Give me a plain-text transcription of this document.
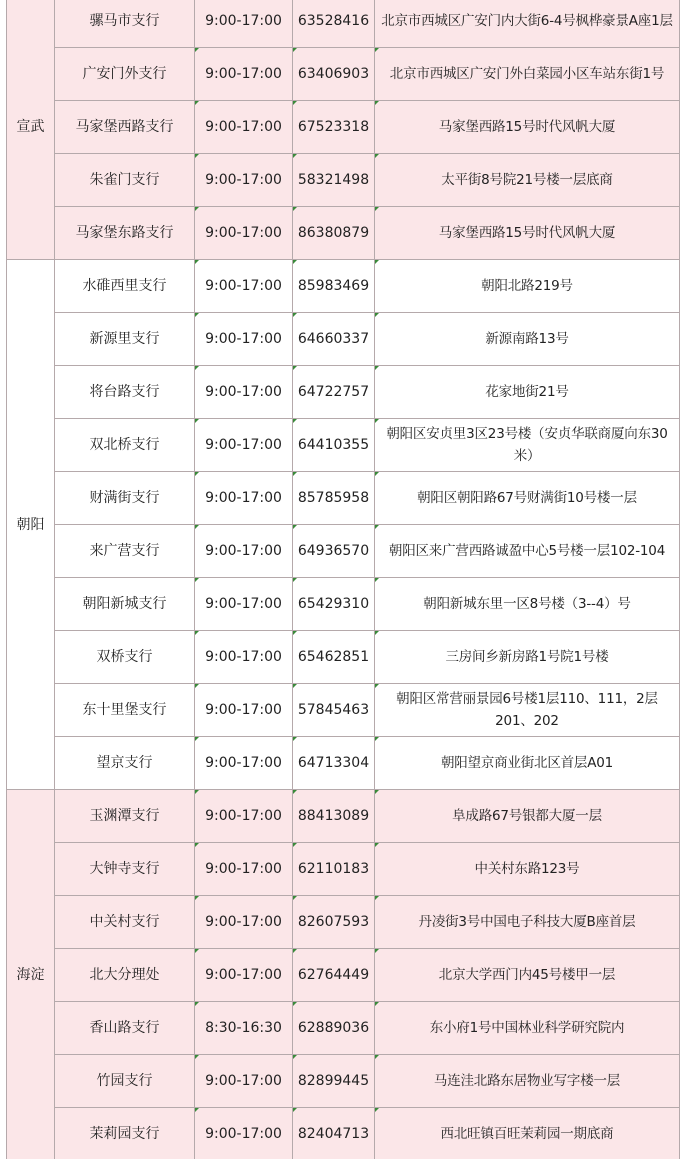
宣武	骡马市支行	9:00-17:00	63528416	北京市西城区广安门内大街6-4号枫桦豪景A座1层
	广安门外支行	9:00-17:00	63406903	北京市西城区广安门外白菜园小区车站东街1号
	马家堡西路支行	9:00-17:00	67523318	马家堡西路15号时代风帆大厦
	朱雀门支行	9:00-17:00	58321498	太平街8号院21号楼一层底商
	马家堡东路支行	9:00-17:00	86380879	马家堡西路15号时代风帆大厦
朝阳	水碓西里支行	9:00-17:00	85983469	朝阳北路219号
	新源里支行	9:00-17:00	64660337	新源南路13号
	将台路支行	9:00-17:00	64722757	花家地街21号
	双北桥支行	9:00-17:00	64410355	朝阳区安贞里3区23号楼（安贞华联商厦向东30米）
	财满街支行	9:00-17:00	85785958	朝阳区朝阳路67号财满街10号楼一层
	来广营支行	9:00-17:00	64936570	朝阳区来广营西路诚盈中心5号楼一层102-104
	朝阳新城支行	9:00-17:00	65429310	朝阳新城东里一区8号楼（3--4）号
	双桥支行	9:00-17:00	65462851	三房间乡新房路1号院1号楼
	东十里堡支行	9:00-17:00	57845463	朝阳区常营丽景园6号楼1层110、111，2层201、202
	望京支行	9:00-17:00	64713304	朝阳望京商业街北区首层A01
海淀	玉渊潭支行	9:00-17:00	88413089	阜成路67号银都大厦一层
	大钟寺支行	9:00-17:00	62110183	中关村东路123号
	中关村支行	9:00-17:00	82607593	丹凌街3号中国电子科技大厦B座首层
	北大分理处	9:00-17:00	62764449	北京大学西门内45号楼甲一层
	香山路支行	8:30-16:30	62889036	东小府1号中国林业科学研究院内
	竹园支行	9:00-17:00	82899445	马连洼北路东居物业写字楼一层
	茉莉园支行	9:00-17:00	82404713	西北旺镇百旺茉莉园一期底商
